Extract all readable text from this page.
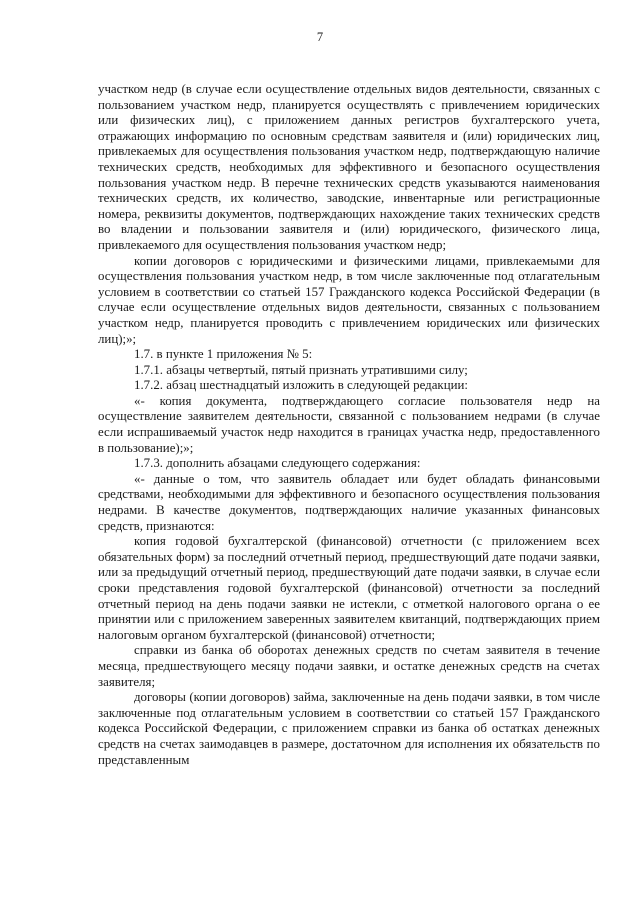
7

участком недр (в случае если осуществление отдельных видов деятельности, связанных с пользованием участком недр, планируется осуществлять с привлечением юридических или физических лиц), с приложением данных регистров бухгалтерского учета, отражающих информацию по основным средствам заявителя и (или) юридических лиц, привлекаемых для осуществления пользования участком недр, подтверждающую наличие технических средств, необходимых для эффективного и безопасного осуществления пользования участком недр. В перечне технических средств указываются наименования технических средств, их количество, заводские, инвентарные или регистрационные номера, реквизиты документов, подтверждающих нахождение таких технических средств во владении и пользовании заявителя и (или) юридического, физического лица, привлекаемого для осуществления пользования участком недр;

копии договоров с юридическими и физическими лицами, привлекаемыми для осуществления пользования участком недр, в том числе заключенные под отлагательным условием в соответствии со статьей 157 Гражданского кодекса Российской Федерации (в случае если осуществление отдельных видов деятельности, связанных с пользованием участком недр, планируется проводить с привлечением юридических или физических лиц);»;

1.7. в пункте 1 приложения № 5:

1.7.1. абзацы четвертый, пятый признать утратившими силу;

1.7.2. абзац шестнадцатый изложить в следующей редакции:

«- копия документа, подтверждающего согласие пользователя недр на осуществление заявителем деятельности, связанной с пользованием недрами (в случае если испрашиваемый участок недр находится в границах участка недр, предоставленного в пользование);»;

1.7.3. дополнить абзацами следующего содержания:

«- данные о том, что заявитель обладает или будет обладать финансовыми средствами, необходимыми для эффективного и безопасного осуществления пользования недрами. В качестве документов, подтверждающих наличие указанных финансовых средств, признаются:

копия годовой бухгалтерской (финансовой) отчетности (с приложением всех обязательных форм) за последний отчетный период, предшествующий дате подачи заявки, или за предыдущий отчетный период, предшествующий дате подачи заявки, в случае если сроки представления годовой бухгалтерской (финансовой) отчетности за последний отчетный период на день подачи заявки не истекли, с отметкой налогового органа о ее принятии или с приложением заверенных заявителем квитанций, подтверждающих прием налоговым органом бухгалтерской (финансовой) отчетности;

справки из банка об оборотах денежных средств по счетам заявителя в течение месяца, предшествующего месяцу подачи заявки, и остатке денежных средств на счетах заявителя;

договоры (копии договоров) займа, заключенные на день подачи заявки, в том числе заключенные под отлагательным условием в соответствии со статьей 157 Гражданского кодекса Российской Федерации, с приложением справки из банка об остатках денежных средств на счетах заимодавцев в размере, достаточном для исполнения их обязательств по представленным
